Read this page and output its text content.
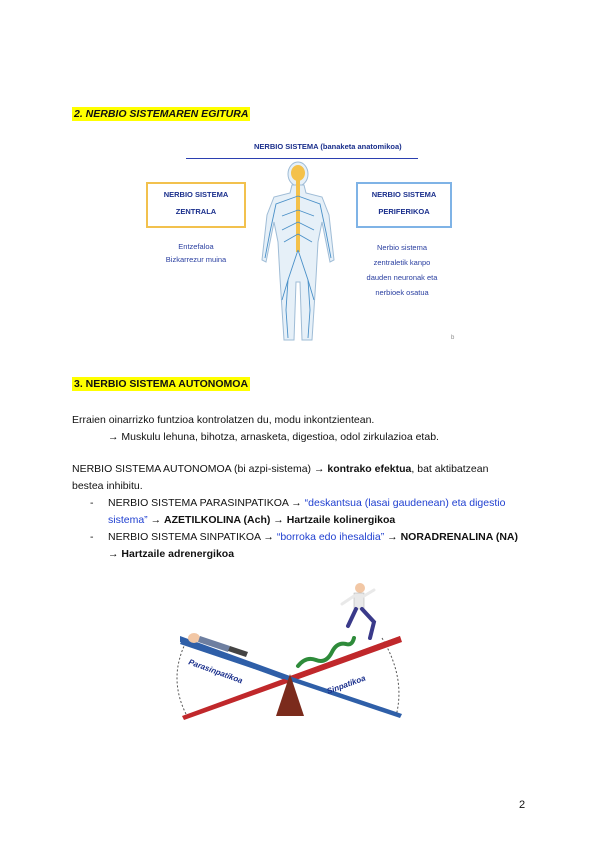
2. NERBIO SISTEMAREN EGITURA
NERBIO SISTEMA (banaketa anatomikoa)
NERBIO SISTEMA
ZENTRALA
Entzefaloa
Bizkarrezur muina
NERBIO SISTEMA
PERIFERIKOA
Nerbio sistema
zentraletik kanpo
dauden neuronak eta
nerbioek osatua
b
3. NERBIO SISTEMA AUTONOMOA
Erraien oinarrizko funtzioa kontrolatzen du, modu inkontzientean.
→ Muskulu lehuna, bihotza, arnasketa, digestioa, odol zirkulazioa etab.
NERBIO SISTEMA AUTONOMOA (bi azpi-sistema) → kontrako efektua, bat aktibatzean
bestea inhibitu.
-	NERBIO SISTEMA PARASINPATIKOA → “deskantsua (lasai gaudenean) eta digestio
sistema” → AZETILKOLINA (Ach) → Hartzaile kolinergikoa
-	NERBIO SISTEMA SINPATIKOA → “borroka edo ihesaldia” → NORADRENALINA (NA)
→ Hartzaile adrenergikoa
Parasinpatikoa	Sinpatikoa
2
